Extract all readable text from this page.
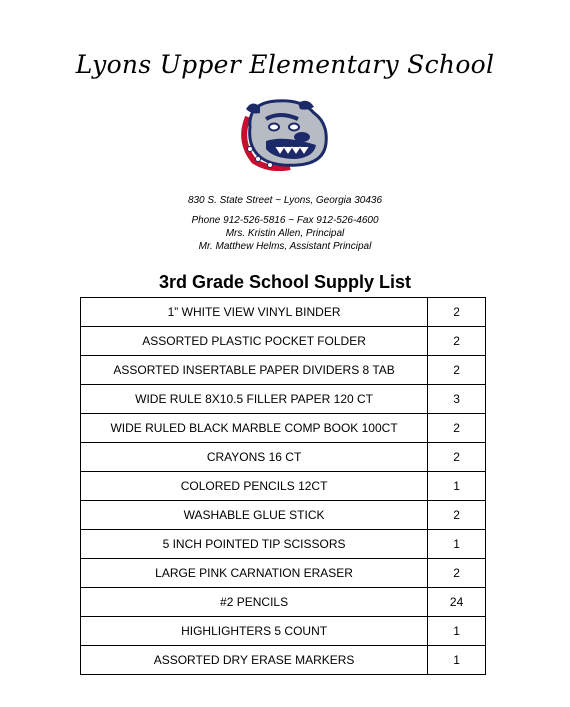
Lyons Upper Elementary School
830 S. State Street ~ Lyons, Georgia 30436
Phone 912-526-5816 ~ Fax 912-526-4600
Mrs. Kristin Allen, Principal
Mr. Matthew Helms, Assistant Principal
3rd Grade School Supply List
1” WHITE VIEW VINYL BINDER	2
ASSORTED PLASTIC POCKET FOLDER	2
ASSORTED INSERTABLE PAPER DIVIDERS 8 TAB	2
WIDE RULE 8X10.5 FILLER PAPER 120 CT	3
WIDE RULED BLACK MARBLE COMP BOOK 100CT	2
CRAYONS 16 CT	2
COLORED PENCILS 12CT	1
WASHABLE GLUE STICK	2
5 INCH POINTED TIP SCISSORS	1
LARGE PINK CARNATION ERASER	2
#2 PENCILS	24
HIGHLIGHTERS 5 COUNT	1
ASSORTED DRY ERASE MARKERS	1
